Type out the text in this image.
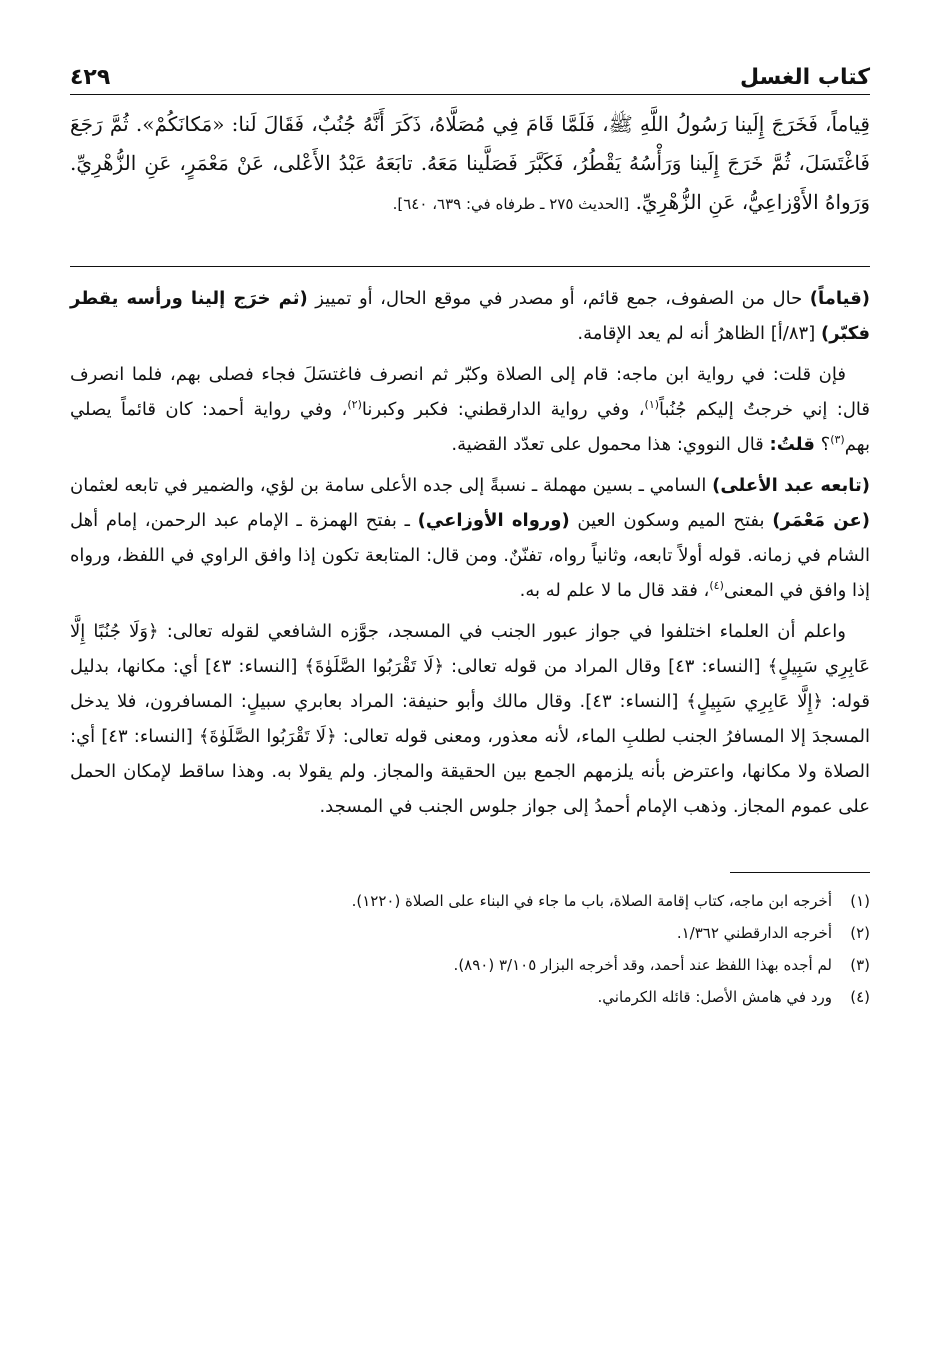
كتاب الغسل
٤٢٩
قِياماً، فَخَرَجَ إِلَينا رَسُولُ اللَّهِ ﷺ، فَلَمَّا قَامَ فِي مُصَلَّاهُ، ذَكَرَ أَنَّهُ جُنُبٌ، فَقَالَ لَنا: «مَكانَكُمْ». ثُمَّ رَجَعَ فَاغْتَسَلَ، ثُمَّ خَرَجَ إِلَينا وَرَأْسُهُ يَقْطُرُ، فَكَبَّرَ فَصَلَّينا مَعَهُ. تابَعَهُ عَبْدُ الأَعْلى، عَنْ مَعْمَرٍ، عَنِ الزُّهْرِيِّ. وَرَواهُ الأَوْزاعِيُّ، عَنِ الزُّهْرِيِّ. [الحديث ٢٧٥ ـ طرفاه في: ٦٣٩، ٦٤٠].

(قياماً) حال من الصفوف، جمع قائم، أو مصدر في موقع الحال، أو تمييز (ثم خرَج إلينا ورأسه يقطر فكبّر) [٨٣/أ] الظاهرُ أنه لم يعد الإقامة.

فإن قلت: في رواية ابن ماجه: قام إلى الصلاة وكبّر ثم انصرف فاغتسَلَ فجاء فصلى بهم، فلما انصرف قال: إني خرجتُ إليكم جُنُباً$^{(١)}$، وفي رواية الدارقطني: فكبر وكبرنا$^{(٢)}$، وفي رواية أحمد: كان قائماً يصلي بهم$^{(٣)}$؟ قلتُ: قال النووي: هذا محمول على تعدّد القضية.

(تابعه عبد الأعلى) السامي ـ بسين مهملة ـ نسبةً إلى جده الأعلى سامة بن لؤي، والضمير في تابعه لعثمان (عن مَعْمَر) بفتح الميم وسكون العين (ورواه الأوزاعي) ـ بفتح الهمزة ـ الإمام عبد الرحمن، إمام أهل الشام في زمانه. قوله أولاً تابعه، وثانياً رواه، تفنّنٌ. ومن قال: المتابعة تكون إذا وافق الراوي في اللفظ، ورواه إذا وافق في المعنى$^{(٤)}$، فقد قال ما لا علم له به.

واعلم أن العلماء اختلفوا في جواز عبور الجنب في المسجد، جوَّزه الشافعي لقوله تعالى: ﴿وَلَا جُنُبًا إِلَّا عَابِرِي سَبِيلٍ﴾ [النساء: ٤٣] وقال المراد من قوله تعالى: ﴿لَا تَقْرَبُوا الصَّلَوٰةَ﴾ [النساء: ٤٣] أي: مكانها، بدليل قوله: ﴿إِلَّا عَابِرِي سَبِيلٍ﴾ [النساء: ٤٣]. وقال مالك وأبو حنيفة: المراد بعابري سبيلٍ: المسافرون، فلا يدخل المسجدَ إلا المسافرُ الجنب لطلبِ الماء، لأنه معذور، ومعنى قوله تعالى: ﴿لَا تَقْرَبُوا الصَّلَوٰةَ﴾ [النساء: ٤٣] أي: الصلاة ولا مكانها، واعترض بأنه يلزمهم الجمع بين الحقيقة والمجاز. ولم يقولا به. وهذا ساقط لإمكان الحمل على عموم المجاز. وذهب الإمام أحمدُ إلى جواز جلوس الجنب في المسجد.

(١)أخرجه ابن ماجه، كتاب إقامة الصلاة، باب ما جاء في البناء على الصلاة (١٢٢٠).
(٢)أخرجه الدارقطني ١/٣٦٢.
(٣)لم أجده بهذا اللفظ عند أحمد، وقد أخرجه البزار ٣/١٠٥ (٨٩٠).
(٤)ورد في هامش الأصل: قائله الكرماني.
